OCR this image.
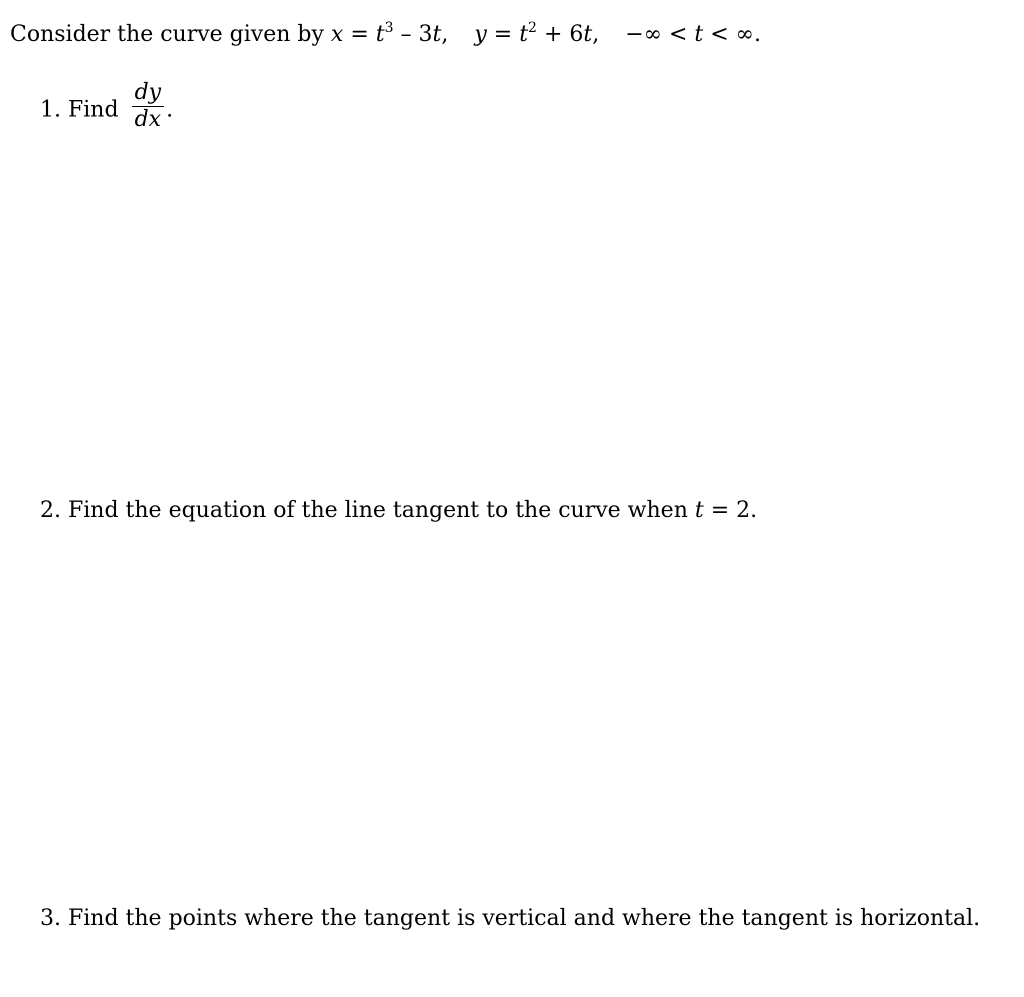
Consider the curve given by $x = t^3 - 3t$, $y = t^2 + 6t$, −∞ < t < ∞.
1. Find $\frac{dy}{dx}$ .
2. Find the equation of the line tangent to the curve when t = 2.
3. Find the points where the tangent is vertical and where the tangent is horizontal.
